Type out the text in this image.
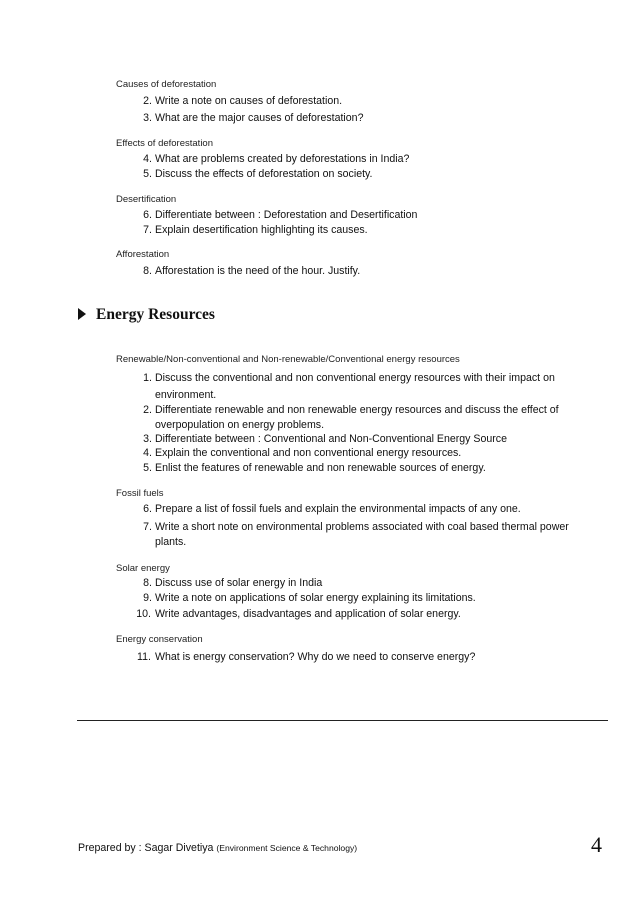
Causes of deforestation
2. Write a note on causes of deforestation.
3. What are the major causes of deforestation?
Effects of deforestation
4. What are problems created by deforestations in India?
5. Discuss the effects of deforestation on society.
Desertification
6. Differentiate between : Deforestation and Desertification
7. Explain desertification highlighting its causes.
Afforestation
8. Afforestation is the need of the hour. Justify.
Energy Resources
Renewable/Non-conventional and Non-renewable/Conventional energy resources
1. Discuss the conventional and non conventional energy resources with their impact on environment.
2. Differentiate renewable and non renewable energy resources and discuss the effect of overpopulation on energy problems.
3. Differentiate between : Conventional and Non-Conventional Energy Source
4. Explain the conventional and non conventional energy resources.
5. Enlist the features of renewable and non renewable sources of energy.
Fossil fuels
6. Prepare a list of fossil fuels and explain the environmental impacts of any one.
7. Write a short note on environmental problems associated with coal based thermal power plants.
Solar energy
8. Discuss use of solar energy in India
9. Write a note on applications of solar energy explaining its limitations.
10. Write advantages, disadvantages and application of solar energy.
Energy conservation
11. What is energy conservation? Why do we need to conserve energy?
Prepared by : Sagar Divetiya (Environment Science & Technology)	4
